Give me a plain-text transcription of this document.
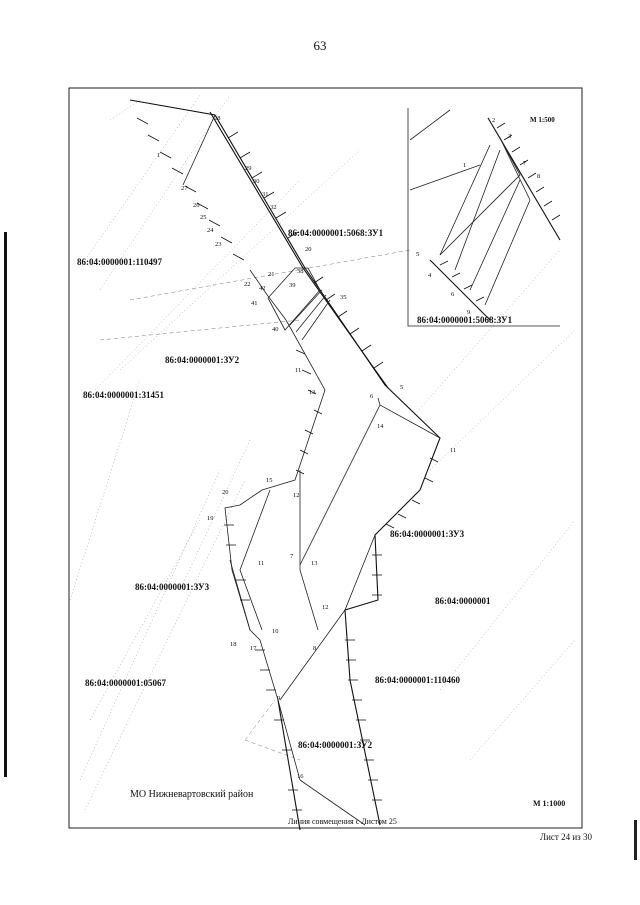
63
86:04:0000001:110497
86:04:0000001:31451
86:04:0000001:ЗУ2
86:04:0000001:5068:ЗУ1
86:04:0000001:ЗУ3
86:04:0000001:ЗУ3
86:04:0000001
86:04:0000001:05067	86:04:0000001:110460
86:04:0000001:ЗУ2
86:04:0000001:5068:ЗУ1
МО Нижневартовский район
М 1:1000
М 1:500
Линия совмещения с Листом 25
28
1
27
26
25
24
23
29
30
31
32
20
21
22
42
38
39
41
40
35
11
13
5
6
14
11
15
12
20
19
11
7
13
12
10
18
17	8
9
16
2
3
1	7
8
5
4
6
9
Лист 24 из 30
